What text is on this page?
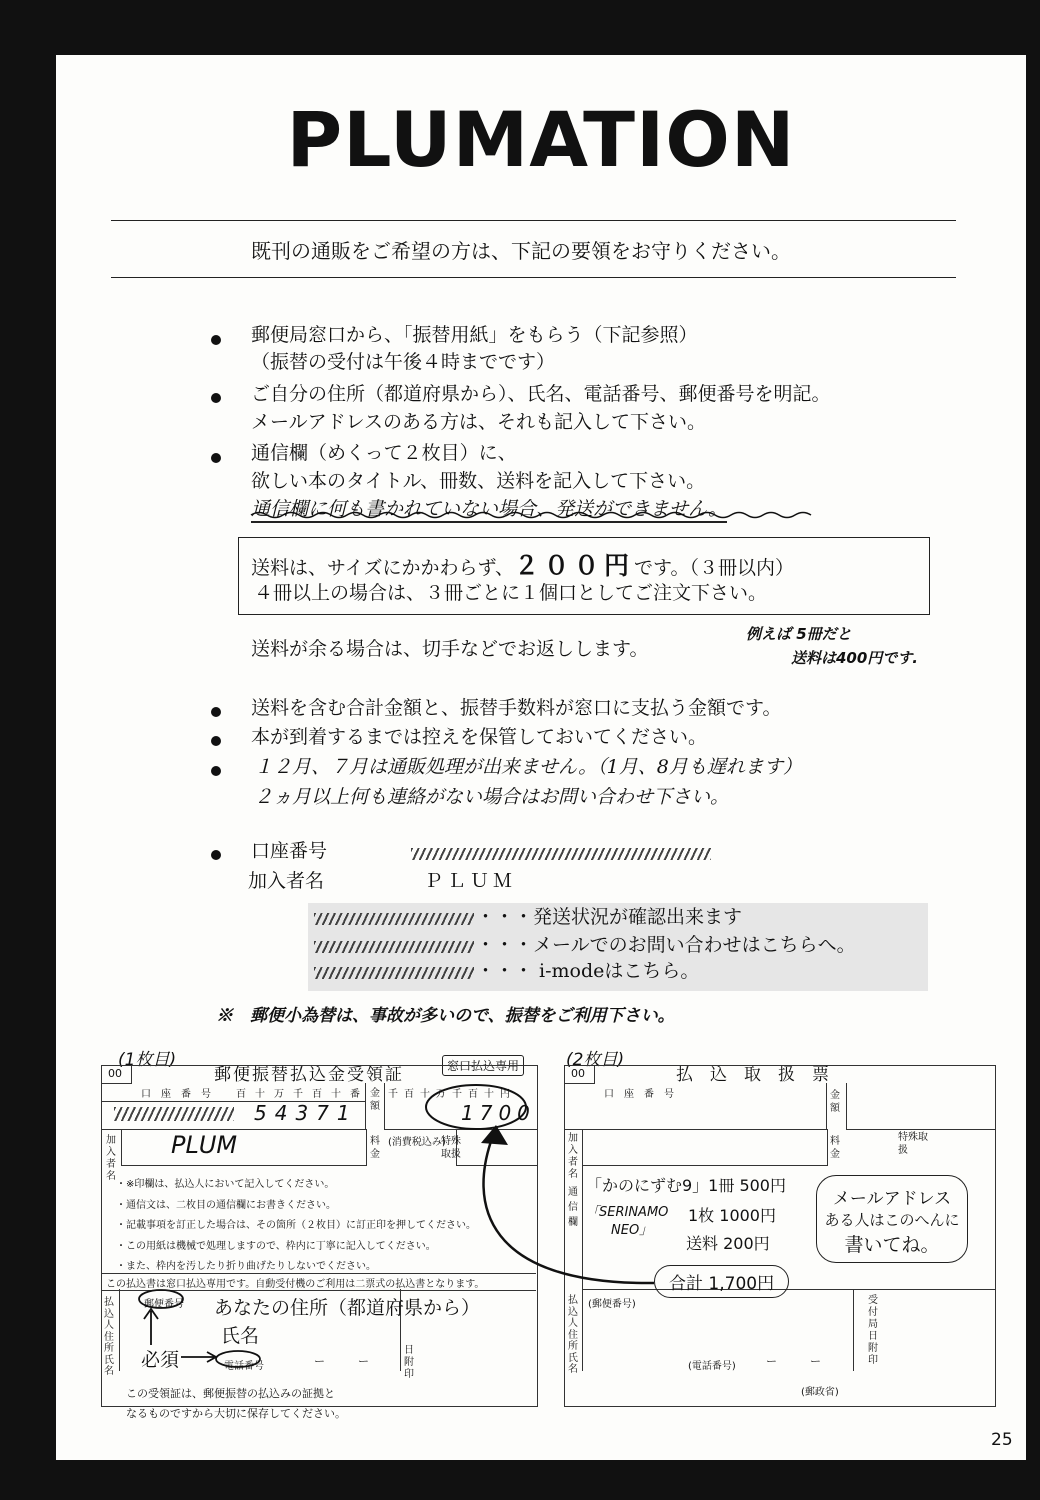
PLUMATION
既刊の通販をご希望の方は、下記の要領をお守りください。
郵便局窓口から、「振替用紙」をもらう（下記参照）
（振替の受付は午後４時までです）
ご自分の住所（都道府県から）、氏名、電話番号、郵便番号を明記。
メールアドレスのある方は、それも記入して下さい。
通信欄（めくって２枚目）に、
欲しい本のタイトル、冊数、送料を記入して下さい。
通信欄に何も書かれていない場合、発送ができません。
送料は、サイズにかかわらず、２００円です。（３冊以内）
４冊以上の場合は、３冊ごとに１個口としてご注文下さい。
送料が余る場合は、切手などでお返しします。
例えば 5冊だと
送料は400円です.
送料を含む合計金額と、振替手数料が窓口に支払う金額です。
本が到着するまでは控えを保管しておいてください。
１２月、７月は通販処理が出来ません。（1月、8月も遅れます）
２ヵ月以上何も連絡がない場合はお問い合わせ下さい。
口座番号
加入者名	ＰＬＵＭ
・・・発送状況が確認出来ます
・・・メールでのお問い合わせはこちらへ。
・・・ i-modeはこちら。
※　郵便小為替は、事故が多いので、振替をご利用下さい。
(1枚目)	(2枚目)
郵便振替払込金受領証	窓口払込専用
00
口　座　番　号	百十万千百十番
54371
金額
千百十万千百十円
1700
加入者名
PLUM	料金
(消費税込み)
特殊取扱
・※印欄は、払込人において記入してください。
・通信文は、二枚目の通信欄にお書きください。
・記載事項を訂正した場合は、その箇所（２枚目）に訂正印を押してください。
・この用紙は機械で処理しますので、枠内に丁寧に記入してください。
・また、枠内を汚したり折り曲げたりしないでください。
この払込書は窓口払込専用です。自動受付機のご利用は二票式の払込書となります。
払込人住所氏名
郵便番号 あなたの住所（都道府県から）
氏名
必須	電話番号	ー　　　ー
日附印
この受領証は、郵便振替の払込みの証拠と
なるものですから大切に保存してください。
払　込　取　扱　票
00
口　座　番　号	金額
加入者名
料金
特殊取扱
通信欄
「かのにずむ9」1冊 500円
「SERINAMO
NEO」
1枚 1000円
送料 200円
合計 1,700円
メールアドレス
ある人はこのへんに
書いてね。
払込人住所氏名
(郵便番号)
(電話番号)	ー　　　ー
(郵政省)
受付局日附印
25
